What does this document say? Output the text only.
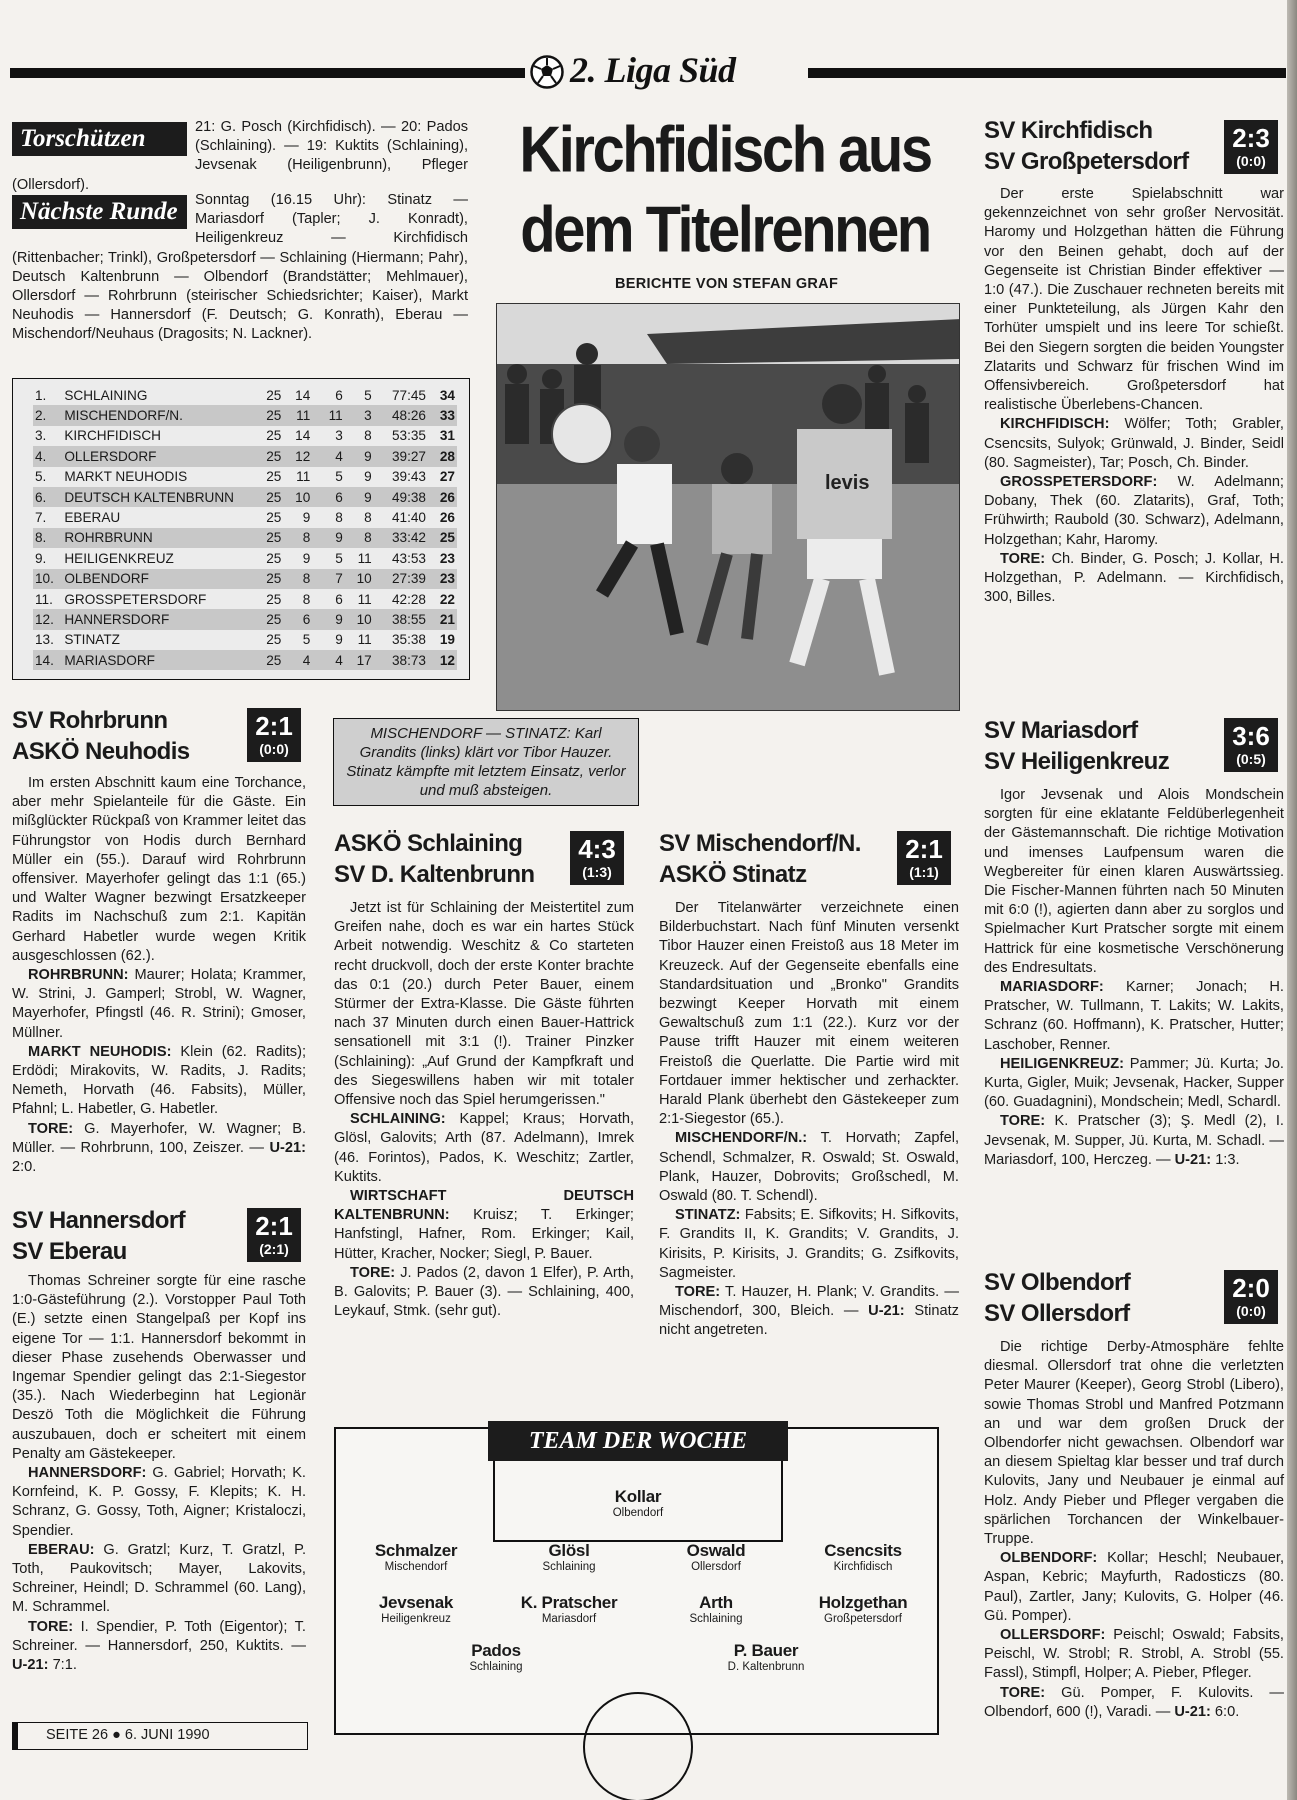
2. Liga Süd
Torschützen	21: G. Posch (Kirchfidisch). — 20: Pados (Schlaining). — 19: Kuktits (Schlaining), Jevsenak (Heiligenbrunn), Pfleger (Ollersdorf).
Nächste Runde	Sonntag (16.15 Uhr): Stinatz — Mariasdorf (Tapler; J. Konradt), Heiligenkreuz — Kirchfidisch (Rittenbacher; Trinkl), Großpetersdorf — Schlaining (Hiermann; Pahr), Deutsch Kaltenbrunn — Olbendorf (Brandstätter; Mehlmauer), Ollersdorf — Rohrbrunn (steirischer Schiedsrichter; Kaiser), Markt Neuhodis — Hannersdorf (F. Deutsch; G. Konrath), Eberau — Mischendorf/Neuhaus (Dragosits; N. Lackner).
1.	SCHLAINING	25	14	6	5	77:45	34
2.	MISCHENDORF/N.	25	11	11	3	48:26	33
3.	KIRCHFIDISCH	25	14	3	8	53:35	31
4.	OLLERSDORF	25	12	4	9	39:27	28
5.	MARKT NEUHODIS	25	11	5	9	39:43	27
6.	DEUTSCH KALTENBRUNN	25	10	6	9	49:38	26
7.	EBERAU	25	9	8	8	41:40	26
8.	ROHRBRUNN	25	8	9	8	33:42	25
9.	HEILIGENKREUZ	25	9	5	11	43:53	23
10.	OLBENDORF	25	8	7	10	27:39	23
11.	GROSSPETERSDORF	25	8	6	11	42:28	22
12.	HANNERSDORF	25	6	9	10	38:55	21
13.	STINATZ	25	5	9	11	35:38	19
14.	MARIASDORF	25	4	4	17	38:73	12
Kirchfidisch aus
dem Titelrennen
BERICHTE VON STEFAN GRAF
levis
MISCHENDORF — STINATZ: Karl Grandits (links) klärt vor Tibor Hauzer. Stinatz kämpfte mit letztem Einsatz, verlor und muß absteigen.
SV Rohrbrunn
ASKÖ Neuhodis
2:1
(0:0)

Im ersten Abschnitt kaum eine Torchance, aber mehr Spielanteile für die Gäste. Ein mißglückter Rückpaß von Krammer leitet das Führungstor von Hodis durch Bernhard Müller ein (55.). Darauf wird Rohrbrunn offensiver. Mayerhofer gelingt das 1:1 (65.) und Walter Wagner bezwingt Ersatzkeeper Radits im Nachschuß zum 2:1. Kapitän Gerhard Habetler wurde wegen Kritik ausgeschlossen (62.).

ROHRBRUNN: Maurer; Holata; Krammer, W. Strini, J. Gamperl; Strobl, W. Wagner, Mayerhofer, Pfingstl (46. R. Strini); Gmoser, Müllner.

MARKT NEUHODIS: Klein (62. Radits); Erdödi; Mirakovits, W. Radits, J. Radits; Nemeth, Horvath (46. Fabsits), Müller, Pfahnl; L. Habetler, G. Habetler.

TORE: G. Mayerhofer, W. Wagner; B. Müller. — Rohrbrunn, 100, Zeiszer. — U-21: 2:0.

SV Hannersdorf
SV Eberau
2:1
(2:1)

Thomas Schreiner sorgte für eine rasche 1:0-Gästeführung (2.). Vorstopper Paul Toth (E.) setzte einen Stangelpaß per Kopf ins eigene Tor — 1:1. Hannersdorf bekommt in dieser Phase zusehends Oberwasser und Ingemar Spendier gelingt das 2:1-Siegestor (35.). Nach Wiederbeginn hat Legionär Deszö Toth die Möglichkeit die Führung auszubauen, doch er scheitert mit einem Penalty am Gästekeeper.

HANNERSDORF: G. Gabriel; Horvath; K. Kornfeind, K. P. Gossy, F. Klepits; K. H. Schranz, G. Gossy, Toth, Aigner; Kristaloczi, Spendier.

EBERAU: G. Gratzl; Kurz, T. Gratzl, P. Toth, Paukovitsch; Mayer, Lakovits, Schreiner, Heindl; D. Schrammel (60. Lang), M. Schrammel.

TORE: I. Spendier, P. Toth (Eigentor); T. Schreiner. — Hannersdorf, 250, Kuktits. — U-21: 7:1.

SEITE 26 ● 6. JUNI 1990
ASKÖ Schlaining
SV D. Kaltenbrunn
4:3
(1:3)

Jetzt ist für Schlaining der Meistertitel zum Greifen nahe, doch es war ein hartes Stück Arbeit notwendig. Weschitz & Co starteten recht druckvoll, doch der erste Konter brachte das 0:1 (20.) durch Peter Bauer, einem Stürmer der Extra-Klasse. Die Gäste führten nach 37 Minuten durch einen Bauer-Hattrick sensationell mit 3:1 (!). Trainer Pinzker (Schlaining): „Auf Grund der Kampfkraft und des Siegeswillens haben wir mit totaler Offensive noch das Spiel herumgerissen."

SCHLAINING: Kappel; Kraus; Horvath, Glösl, Galovits; Arth (87. Adelmann), Imrek (46. Forintos), Pados, K. Weschitz; Zartler, Kuktits.

WIRTSCHAFT DEUTSCH KALTENBRUNN: Kruisz; T. Erkinger; Hanfstingl, Hafner, Rom. Erkinger; Kail, Hütter, Kracher, Nocker; Siegl, P. Bauer.

TORE: J. Pados (2, davon 1 Elfer), P. Arth, B. Galovits; P. Bauer (3). — Schlaining, 400, Leykauf, Stmk. (sehr gut).

SV Mischendorf/N.
ASKÖ Stinatz
2:1
(1:1)

Der Titelanwärter verzeichnete einen Bilderbuchstart. Nach fünf Minuten versenkt Tibor Hauzer einen Freistoß aus 18 Meter im Kreuzeck. Auf der Gegenseite ebenfalls eine Standardsituation und „Bronko" Grandits bezwingt Keeper Horvath mit einem Gewaltschuß zum 1:1 (22.). Kurz vor der Pause trifft Hauzer mit einem weiteren Freistoß die Querlatte. Die Partie wird mit Fortdauer immer hektischer und zerhackter. Harald Plank überhebt den Gästekeeper zum 2:1-Siegestor (65.).

MISCHENDORF/N.: T. Horvath; Zapfel, Schendl, Schmalzer, R. Oswald; St. Oswald, Plank, Hauzer, Dobrovits; Großschedl, M. Oswald (80. T. Schendl).

STINATZ: Fabsits; E. Sifkovits; H. Sifkovits, F. Grandits II, K. Grandits; V. Grandits, J. Kirisits, P. Kirisits, J. Grandits; G. Zsifkovits, Sagmeister.

TORE: T. Hauzer, H. Plank; V. Grandits. — Mischendorf, 300, Bleich. — U-21: Stinatz nicht angetreten.

TEAM DER WOCHE
Kollar
Olbendorf
Schmalzer
Mischendorf
Glösl
Schlaining
Oswald
Ollersdorf
Csencsits
Kirchfidisch
Jevsenak
Heiligenkreuz
K. Pratscher
Mariasdorf
Arth
Schlaining
Holzgethan
Großpetersdorf
Pados
Schlaining
P. Bauer
D. Kaltenbrunn
SV Kirchfidisch
SV Großpetersdorf
2:3
(0:0)

Der erste Spielabschnitt war gekennzeichnet von sehr großer Nervosität. Haromy und Holzgethan hätten die Führung vor den Beinen gehabt, doch auf der Gegenseite ist Christian Binder effektiver — 1:0 (47.). Die Zuschauer rechneten bereits mit einer Punkteteilung, als Jürgen Kahr den Torhüter umspielt und ins leere Tor schießt. Bei den Siegern sorgten die beiden Youngster Zlatarits und Schwarz für frischen Wind im Offensivbereich. Großpetersdorf hat realistische Überlebens-Chancen.

KIRCHFIDISCH: Wölfer; Toth; Grabler, Csencsits, Sulyok; Grünwald, J. Binder, Seidl (80. Sagmeister), Tar; Posch, Ch. Binder.

GROSSPETERSDORF: W. Adelmann; Dobany, Thek (60. Zlatarits), Graf, Toth; Frühwirth; Raubold (30. Schwarz), Adelmann, Holzgethan; Kahr, Haromy.

TORE: Ch. Binder, G. Posch; J. Kollar, H. Holzgethan, P. Adelmann. — Kirchfidisch, 300, Billes.

SV Mariasdorf
SV Heiligenkreuz
3:6
(0:5)

Igor Jevsenak und Alois Mondschein sorgten für eine eklatante Feldüberlegenheit der Gästemannschaft. Die richtige Motivation und imenses Laufpensum waren die Wegbereiter für einen klaren Auswärtssieg. Die Fischer-Mannen führten nach 50 Minuten mit 6:0 (!), agierten dann aber zu sorglos und Spielmacher Kurt Pratscher sorgte mit einem Hattrick für eine kosmetische Verschönerung des Endresultats.

MARIASDORF: Karner; Jonach; H. Pratscher, W. Tullmann, T. Lakits; W. Lakits, Schranz (60. Hoffmann), K. Pratscher, Hutter; Laschober, Renner.

HEILIGENKREUZ: Pammer; Jü. Kurta; Jo. Kurta, Gigler, Muik; Jevsenak, Hacker, Supper (60. Guadagnini), Mondschein; Medl, Schardl.

TORE: K. Pratscher (3); Ş. Medl (2), I. Jevsenak, M. Supper, Jü. Kurta, M. Schadl. — Mariasdorf, 100, Herczeg. — U-21: 1:3.

SV Olbendorf
SV Ollersdorf
2:0
(0:0)

Die richtige Derby-Atmosphäre fehlte diesmal. Ollersdorf trat ohne die verletzten Peter Maurer (Keeper), Georg Strobl (Libero), sowie Thomas Strobl und Manfred Potzmann an und war dem großen Druck der Olbendorfer nicht gewachsen. Olbendorf war an diesem Spieltag klar besser und traf durch Kulovits, Jany und Neubauer je einmal auf Holz. Andy Pieber und Pfleger vergaben die spärlichen Torchancen der Winkelbauer-Truppe.

OLBENDORF: Kollar; Heschl; Neubauer, Aspan, Kebric; Mayfurth, Radosticzs (80. Paul), Zartler, Jany; Kulovits, G. Holper (46. Gü. Pomper).

OLLERSDORF: Peischl; Oswald; Fabsits, Peischl, W. Strobl; R. Strobl, A. Strobl (55. Fassl), Stimpfl, Holper; A. Pieber, Pfleger.

TORE: Gü. Pomper, F. Kulovits. — Olbendorf, 600 (!), Varadi. — U-21: 6:0.
